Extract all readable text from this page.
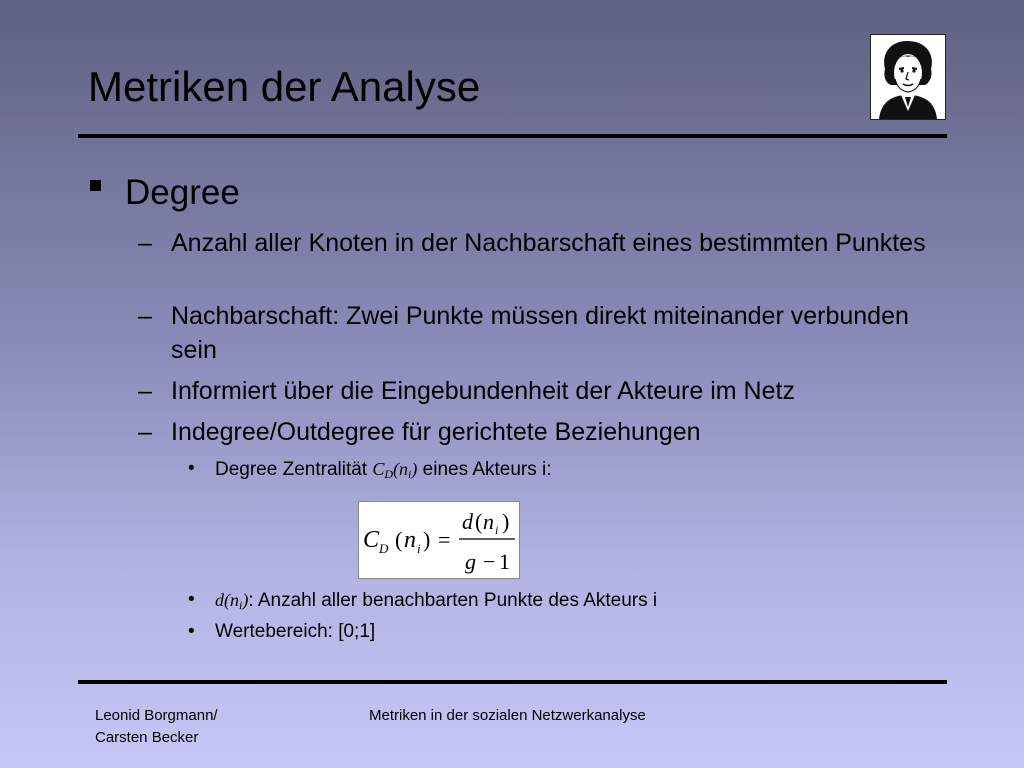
Metriken der Analyse
Degree
– Anzahl aller Knoten in der Nachbarschaft eines bestimmten Punktes
– Nachbarschaft: Zwei Punkte müssen direkt miteinander verbunden sein
– Informiert über die Eingebundenheit der Akteure im Netz
– Indegree/Outdegree für gerichtete Beziehungen
• Degree Zentralität $C_D(n_i)$ eines Akteurs i:
C D ( n i ) =
d ( n i )
g − 1
• $d(n_i)$: Anzahl aller benachbarten Punkte des Akteurs i
• Wertebereich: [0;1]
Leonid Borgmann/
Carsten Becker
Metriken in der sozialen Netzwerkanalyse
